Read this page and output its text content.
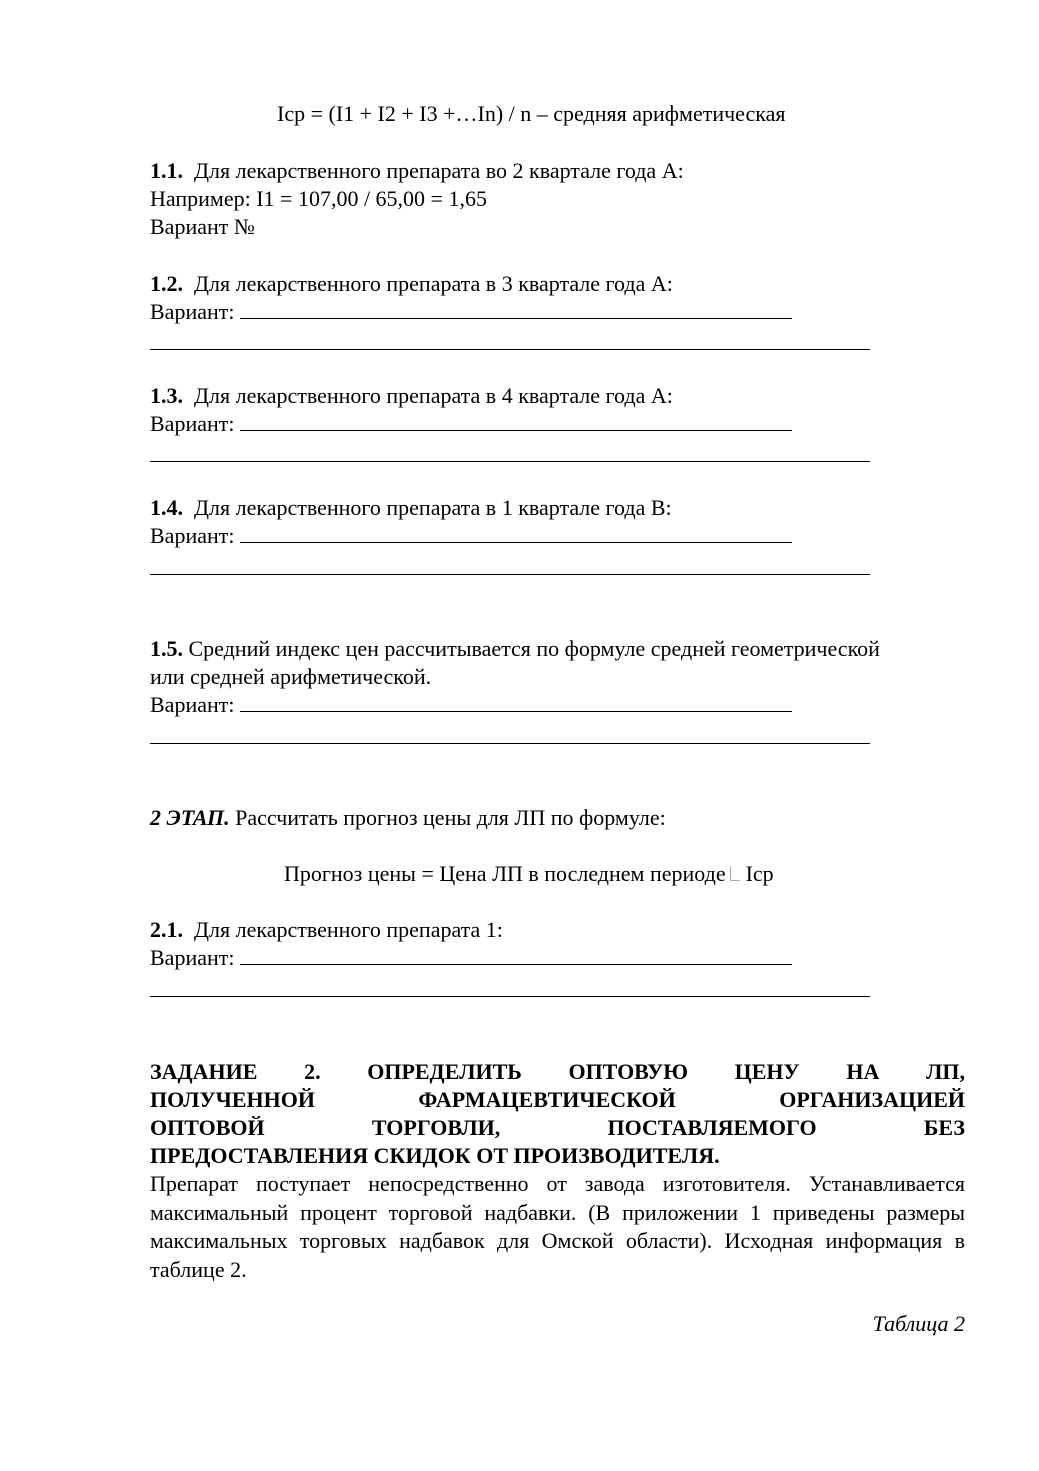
Iср = (I1 + I2 + I3 +…In) / n – средняя арифметическая
1.1. Для лекарственного препарата во 2 квартале года А:
Например: I1 = 107,00 / 65,00 = 1,65
Вариант №
1.2. Для лекарственного препарата в 3 квартале года А:
Вариант:
1.3. Для лекарственного препарата в 4 квартале года А:
Вариант:
1.4. Для лекарственного препарата в 1 квартале года В:
Вариант:
1.5. Средний индекс цен рассчитывается по формуле средней геометрической
или средней арифметической.
Вариант:
2 ЭТАП. Рассчитать прогноз цены для ЛП по формуле:
Прогноз цены = Цена ЛП в последнем периоде Iср
2.1. Для лекарственного препарата 1:
Вариант:
ЗАДАНИЕ 2. ОПРЕДЕЛИТЬ ОПТОВУЮ ЦЕНУ НА ЛП,
ПОЛУЧЕННОЙ ФАРМАЦЕВТИЧЕСКОЙ ОРГАНИЗАЦИЕЙ
ОПТОВОЙ ТОРГОВЛИ, ПОСТАВЛЯЕМОГО БЕЗ
ПРЕДОСТАВЛЕНИЯ СКИДОК ОТ ПРОИЗВОДИТЕЛЯ.
Препарат поступает непосредственно от завода изготовителя. Устанавливается максимальный процент торговой надбавки. (В приложении 1 приведены размеры максимальных торговых надбавок для Омской области). Исходная информация в таблице 2.
Таблица 2
